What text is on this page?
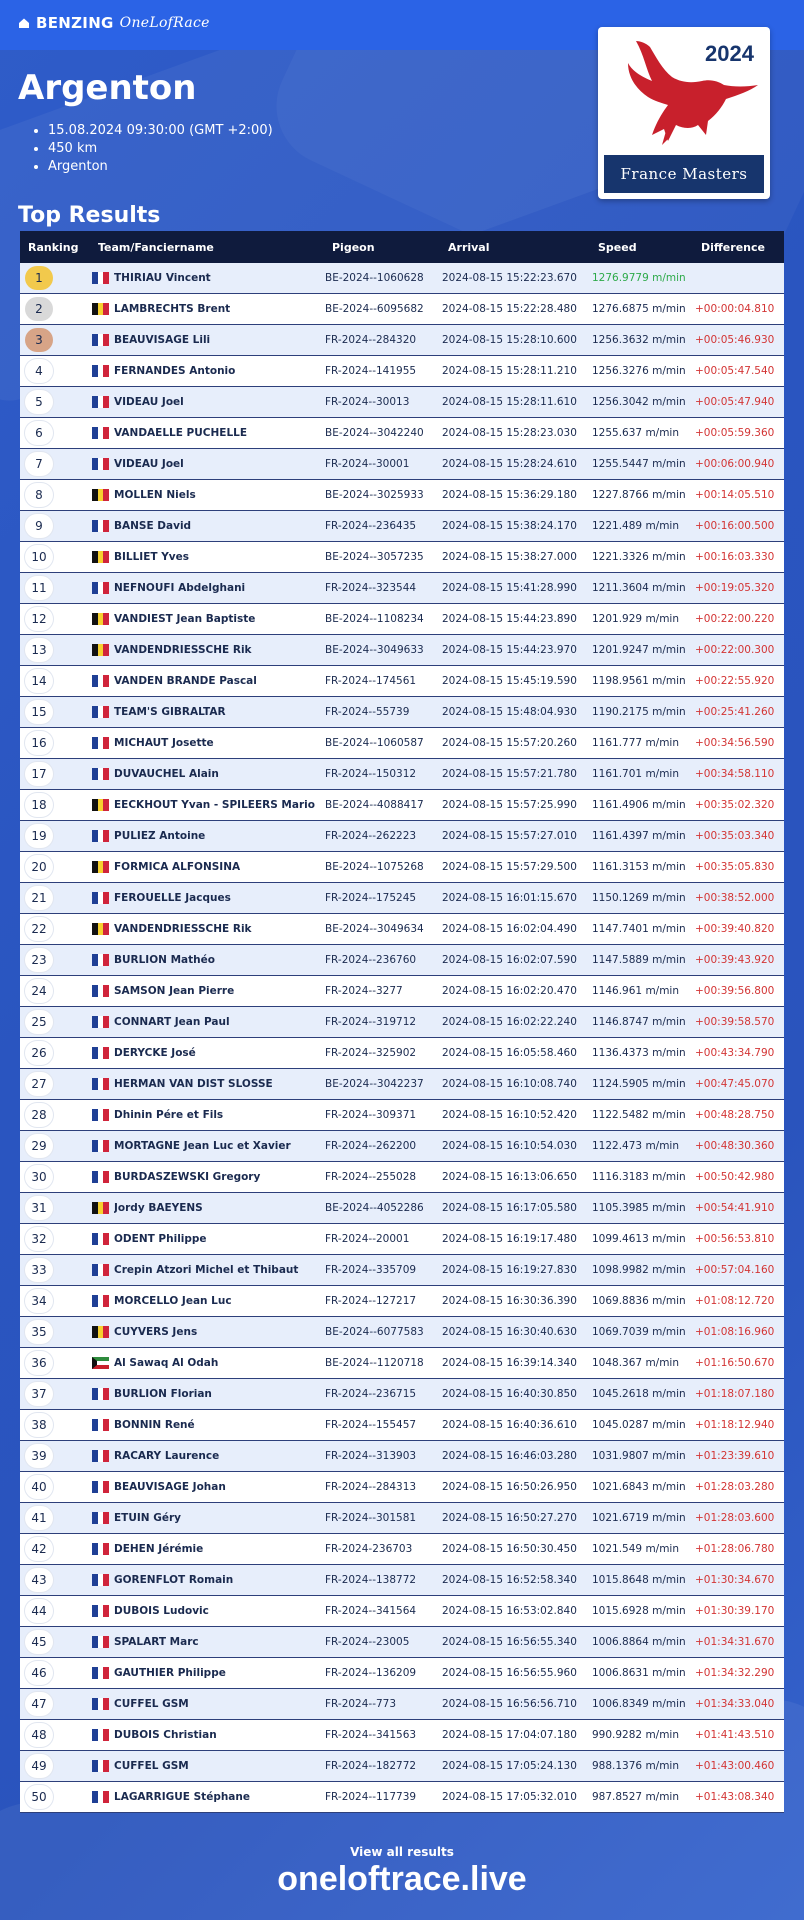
BENZING OneLofRace
Argenton
• 15.08.2024 09:30:00 (GMT +2:00)
• 450 km
• Argenton
2024
France Masters
Top Results
Ranking Team/Fanciername	Pigeon	Arrival	Speed	Difference
1	THIRIAU Vincent	BE-2024--1060628	2024-08-15 15:22:23.670	1276.9779 m/min
2	LAMBRECHTS Brent	BE-2024--6095682	2024-08-15 15:22:28.480	1276.6875 m/min +00:00:04.810
3	BEAUVISAGE Lili	FR-2024--284320	2024-08-15 15:28:10.600	1256.3632 m/min +00:05:46.930
4	FERNANDES Antonio	FR-2024--141955	2024-08-15 15:28:11.210	1256.3276 m/min +00:05:47.540
5	VIDEAU Joel	FR-2024--30013	2024-08-15 15:28:11.610	1256.3042 m/min +00:05:47.940
6	VANDAELLE PUCHELLE	BE-2024--3042240	2024-08-15 15:28:23.030	1255.637 m/min	+00:05:59.360
7	VIDEAU Joel	FR-2024--30001	2024-08-15 15:28:24.610	1255.5447 m/min +00:06:00.940
8	MOLLEN Niels	BE-2024--3025933	2024-08-15 15:36:29.180	1227.8766 m/min +00:14:05.510
9	BANSE David	FR-2024--236435	2024-08-15 15:38:24.170	1221.489 m/min	+00:16:00.500
10	BILLIET Yves	BE-2024--3057235	2024-08-15 15:38:27.000	1221.3326 m/min +00:16:03.330
11	NEFNOUFI Abdelghani	FR-2024--323544	2024-08-15 15:41:28.990	1211.3604 m/min +00:19:05.320
12	VANDIEST Jean Baptiste	BE-2024--1108234	2024-08-15 15:44:23.890	1201.929 m/min	+00:22:00.220
13	VANDENDRIESSCHE Rik	BE-2024--3049633	2024-08-15 15:44:23.970	1201.9247 m/min +00:22:00.300
14	VANDEN BRANDE Pascal	FR-2024--174561	2024-08-15 15:45:19.590	1198.9561 m/min +00:22:55.920
15	TEAM'S GIBRALTAR	FR-2024--55739	2024-08-15 15:48:04.930	1190.2175 m/min +00:25:41.260
16	MICHAUT Josette	BE-2024--1060587	2024-08-15 15:57:20.260	1161.777 m/min	+00:34:56.590
17	DUVAUCHEL Alain	FR-2024--150312	2024-08-15 15:57:21.780	1161.701 m/min	+00:34:58.110
18	EECKHOUT Yvan - SPILEERS Mario BE-2024--4088417	2024-08-15 15:57:25.990	1161.4906 m/min +00:35:02.320
19	PULIEZ Antoine	FR-2024--262223	2024-08-15 15:57:27.010	1161.4397 m/min +00:35:03.340
20	FORMICA ALFONSINA	BE-2024--1075268	2024-08-15 15:57:29.500	1161.3153 m/min +00:35:05.830
21	FEROUELLE Jacques	FR-2024--175245	2024-08-15 16:01:15.670	1150.1269 m/min +00:38:52.000
22	VANDENDRIESSCHE Rik	BE-2024--3049634	2024-08-15 16:02:04.490	1147.7401 m/min +00:39:40.820
23	BURLION Mathéo	FR-2024--236760	2024-08-15 16:02:07.590	1147.5889 m/min +00:39:43.920
24	SAMSON Jean Pierre	FR-2024--3277	2024-08-15 16:02:20.470	1146.961 m/min	+00:39:56.800
25	CONNART Jean Paul	FR-2024--319712	2024-08-15 16:02:22.240	1146.8747 m/min +00:39:58.570
26	DERYCKE José	FR-2024--325902	2024-08-15 16:05:58.460	1136.4373 m/min +00:43:34.790
27	HERMAN VAN DIST SLOSSE	BE-2024--3042237	2024-08-15 16:10:08.740	1124.5905 m/min +00:47:45.070
28	Dhinin Pére et Fils	FR-2024--309371	2024-08-15 16:10:52.420	1122.5482 m/min +00:48:28.750
29	MORTAGNE Jean Luc et Xavier	FR-2024--262200	2024-08-15 16:10:54.030	1122.473 m/min	+00:48:30.360
30	BURDASZEWSKI Gregory	FR-2024--255028	2024-08-15 16:13:06.650	1116.3183 m/min +00:50:42.980
31	Jordy BAEYENS	BE-2024--4052286	2024-08-15 16:17:05.580	1105.3985 m/min +00:54:41.910
32	ODENT Philippe	FR-2024--20001	2024-08-15 16:19:17.480	1099.4613 m/min +00:56:53.810
33	Crepin Atzori Michel et Thibaut	FR-2024--335709	2024-08-15 16:19:27.830	1098.9982 m/min +00:57:04.160
34	MORCELLO Jean Luc	FR-2024--127217	2024-08-15 16:30:36.390	1069.8836 m/min +01:08:12.720
35	CUYVERS Jens	BE-2024--6077583	2024-08-15 16:30:40.630	1069.7039 m/min +01:08:16.960
36	Al Sawaq Al Odah	BE-2024--1120718	2024-08-15 16:39:14.340	1048.367 m/min	+01:16:50.670
37	BURLION Florian	FR-2024--236715	2024-08-15 16:40:30.850	1045.2618 m/min +01:18:07.180
38	BONNIN René	FR-2024--155457	2024-08-15 16:40:36.610	1045.0287 m/min +01:18:12.940
39	RACARY Laurence	FR-2024--313903	2024-08-15 16:46:03.280	1031.9807 m/min +01:23:39.610
40	BEAUVISAGE Johan	FR-2024--284313	2024-08-15 16:50:26.950	1021.6843 m/min +01:28:03.280
41	ETUIN Géry	FR-2024--301581	2024-08-15 16:50:27.270	1021.6719 m/min +01:28:03.600
42	DEHEN Jérémie	FR-2024-236703	2024-08-15 16:50:30.450	1021.549 m/min	+01:28:06.780
43	GORENFLOT Romain	FR-2024--138772	2024-08-15 16:52:58.340	1015.8648 m/min +01:30:34.670
44	DUBOIS Ludovic	FR-2024--341564	2024-08-15 16:53:02.840	1015.6928 m/min +01:30:39.170
45	SPALART Marc	FR-2024--23005	2024-08-15 16:56:55.340	1006.8864 m/min +01:34:31.670
46	GAUTHIER Philippe	FR-2024--136209	2024-08-15 16:56:55.960	1006.8631 m/min +01:34:32.290
47	CUFFEL GSM	FR-2024--773	2024-08-15 16:56:56.710	1006.8349 m/min +01:34:33.040
48	DUBOIS Christian	FR-2024--341563	2024-08-15 17:04:07.180	990.9282 m/min	+01:41:43.510
49	CUFFEL GSM	FR-2024--182772	2024-08-15 17:05:24.130	988.1376 m/min	+01:43:00.460
50	LAGARRIGUE Stéphane	FR-2024--117739	2024-08-15 17:05:32.010	987.8527 m/min	+01:43:08.340
View all results
oneloftrace.live
